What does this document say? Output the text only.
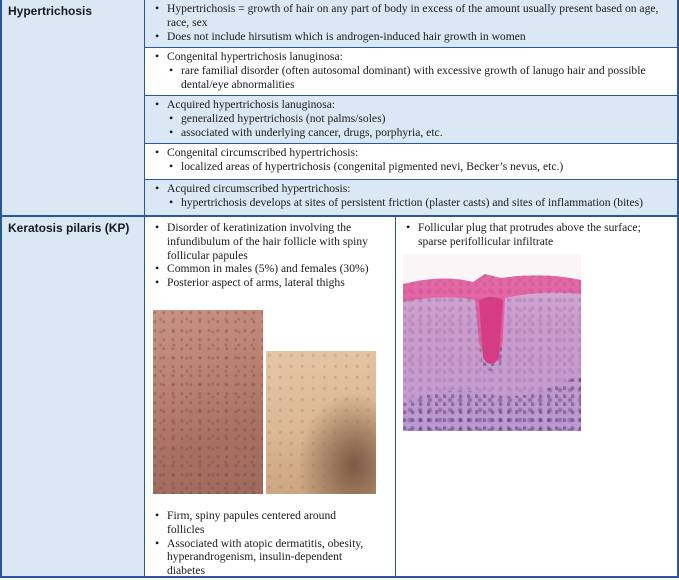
Hypertrichosis	• Hypertrichosis = growth of hair on any part of body in excess of the amount usually present based on age, race, sex
• Does not include hirsutism which is androgen-induced hair growth in women
• Congenital hypertrichosis lanuginosa:
• rare familial disorder (often autosomal dominant) with excessive growth of lanugo hair and possible dental/eye abnormalities
• Acquired hypertrichosis lanuginosa:
• generalized hypertrichosis (not palms/soles)
• associated with underlying cancer, drugs, porphyria, etc.
• Congenital circumscribed hypertrichosis:
• localized areas of hypertrichosis (congenital pigmented nevi, Becker’s nevus, etc.)
• Acquired circumscribed hypertrichosis:
• hypertrichosis develops at sites of persistent friction (plaster casts) and sites of inflammation (bites)
Keratosis pilaris (KP)	• Disorder of keratinization involving the infundibulum of the hair follicle with spiny follicular papules
• Common in males (5%) and females (30%)
• Posterior aspect of arms, lateral thighs
• Firm, spiny papules centered around follicles
• Associated with atopic dermatitis, obesity, hyperandrogenism, insulin-dependent diabetes
• Follicular plug that protrudes above the surface; sparse perifollicular infiltrate
